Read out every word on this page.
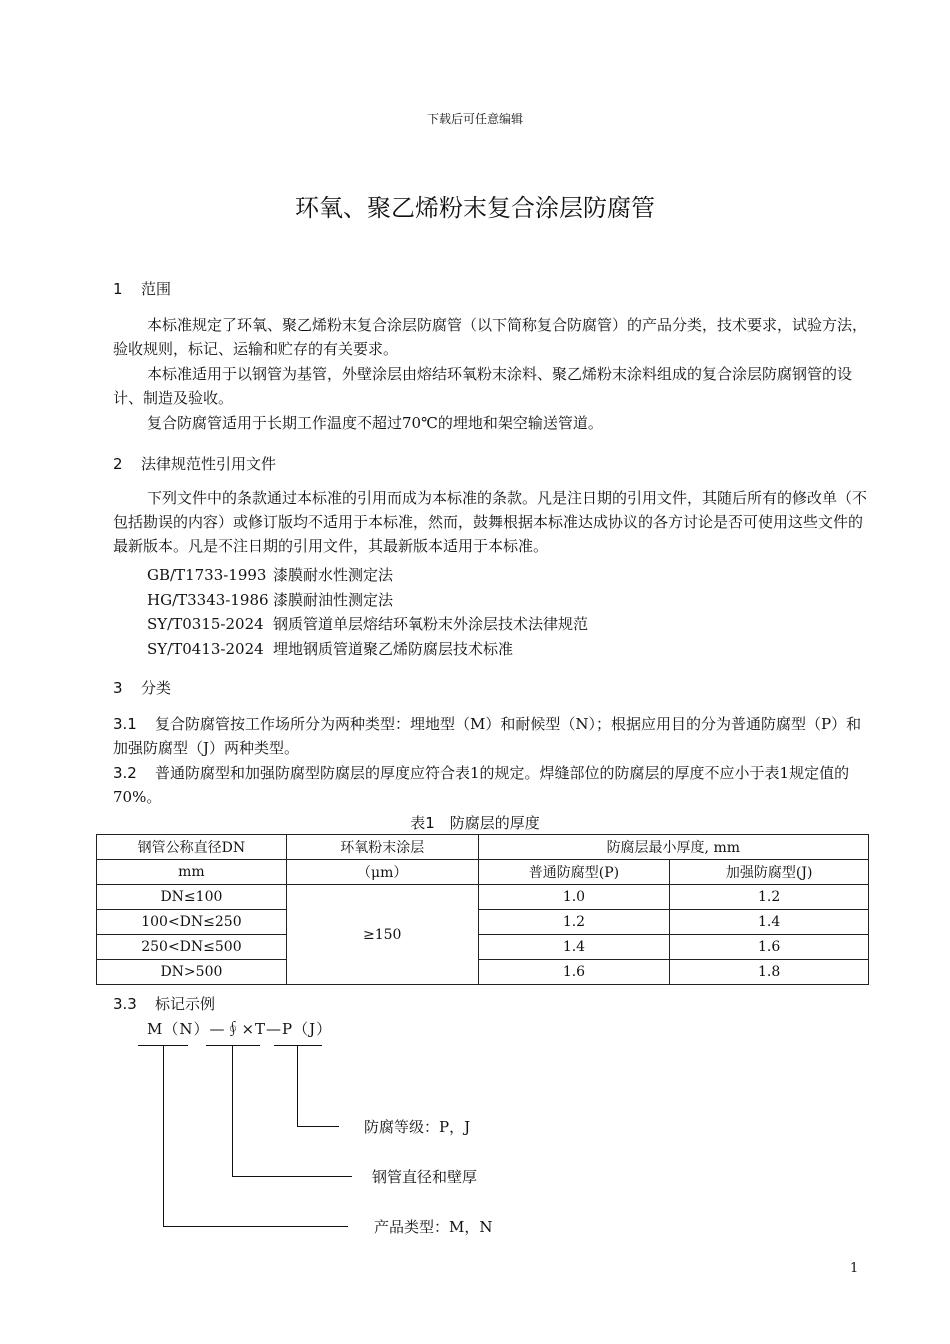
下载后可任意编辑
环氧、聚乙烯粉末复合涂层防腐管
1 范围
本标准规定了环氧、聚乙烯粉末复合涂层防腐管（以下简称复合防腐管）的产品分类，技术要求，试验方法，验收规则，标记、运输和贮存的有关要求。
本标准适用于以钢管为基管，外壁涂层由熔结环氧粉末涂料、聚乙烯粉末涂料组成的复合涂层防腐钢管的设计、制造及验收。
复合防腐管适用于长期工作温度不超过70℃的埋地和架空输送管道。
2 法律规范性引用文件
下列文件中的条款通过本标准的引用而成为本标准的条款。凡是注日期的引用文件，其随后所有的修改单（不包括勘误的内容）或修订版均不适用于本标准，然而，鼓舞根据本标准达成协议的各方讨论是否可使用这些文件的最新版本。凡是不注日期的引用文件，其最新版本适用于本标准。
GB/T1733-1993 漆膜耐水性测定法
HG/T3343-1986 漆膜耐油性测定法
SY/T0315-2024 钢质管道单层熔结环氧粉末外涂层技术法律规范
SY/T0413-2024 埋地钢质管道聚乙烯防腐层技术标准
3 分类
3.1 复合防腐管按工作场所分为两种类型：埋地型（M）和耐候型（N）；根据应用目的分为普通防腐型（P）和加强防腐型（J）两种类型。
3.2 普通防腐型和加强防腐型防腐层的厚度应符合表1的规定。焊缝部位的防腐层的厚度不应小于表1规定值的70%。
表1　防腐层的厚度
钢管公称直径DN	环氧粉末涂层	防腐层最小厚度, mm	
mm	（μm）	普通防腐型(P)	加强防腐型(J)
DN≤100	≥150	1.0	1.2
100<DN≤250		1.2	1.4
250<DN≤500		1.4	1.6
DN>500		1.6	1.8
3.3 标记示例
M（N）—∮×T—P（J）
防腐等级：P，J
钢管直径和壁厚
产品类型：M，N
1
